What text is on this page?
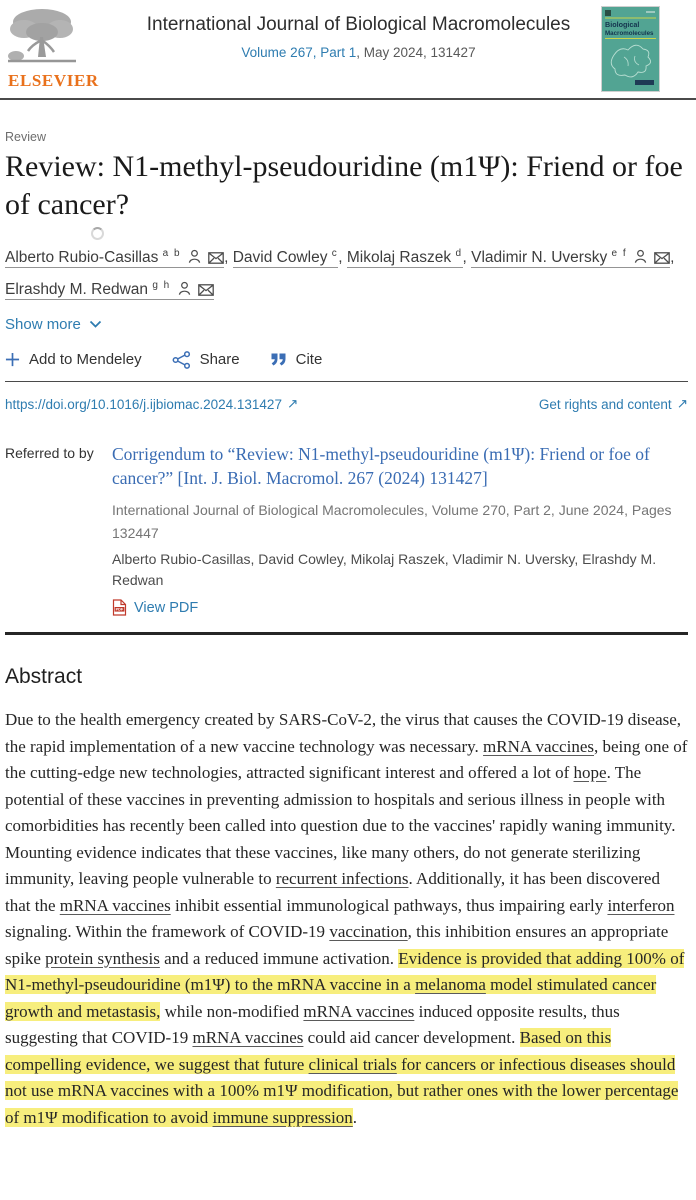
ELSEVIER
International Journal of Biological Macromolecules
Volume 267, Part 1, May 2024, 131427
Biological
Macromolecules
Review
Review: N1-methyl-pseudouridine (m1Ψ): Friend or foe of cancer?
Alberto Rubio-Casillas $^{a b}$	, David Cowley $^c$, Mikolaj Raszek $^d$, Vladimir N. Uversky $^{e f}$	, Elrashdy M. Redwan $^{g h}$
Show more
Add to Mendeley	Share	Cite
https://doi.org/10.1016/j.ijbiomac.2024.131427 ↗	Get rights and content ↗
Referred to by	Corrigendum to “Review: N1-methyl-pseudouridine (m1Ψ): Friend or foe of cancer?” [Int. J. Biol. Macromol. 267 (2024) 131427]
International Journal of Biological Macromolecules, Volume 270, Part 2, June 2024, Pages 132447
Alberto Rubio-Casillas, David Cowley, Mikolaj Raszek, Vladimir N. Uversky, Elrashdy M. Redwan
PDF View PDF
Abstract

Due to the health emergency created by SARS-CoV-2, the virus that causes the COVID-19 disease, the rapid implementation of a new vaccine technology was necessary. mRNA vaccines, being one of the cutting-edge new technologies, attracted significant interest and offered a lot of hope. The potential of these vaccines in preventing admission to hospitals and serious illness in people with comorbidities has recently been called into question due to the vaccines' rapidly waning immunity. Mounting evidence indicates that these vaccines, like many others, do not generate sterilizing immunity, leaving people vulnerable to recurrent infections. Additionally, it has been discovered that the mRNA vaccines inhibit essential immunological pathways, thus impairing early interferon signaling. Within the framework of COVID-19 vaccination, this inhibition ensures an appropriate spike protein synthesis and a reduced immune activation. Evidence is provided that adding 100% of N1-methyl-pseudouridine (m1Ψ) to the mRNA vaccine in a melanoma model stimulated cancer growth and metastasis, while non-modified mRNA vaccines induced opposite results, thus suggesting that COVID-19 mRNA vaccines could aid cancer development. Based on this compelling evidence, we suggest that future clinical trials for cancers or infectious diseases should not use mRNA vaccines with a 100% m1Ψ modification, but rather ones with the lower percentage of m1Ψ modification to avoid immune suppression.
